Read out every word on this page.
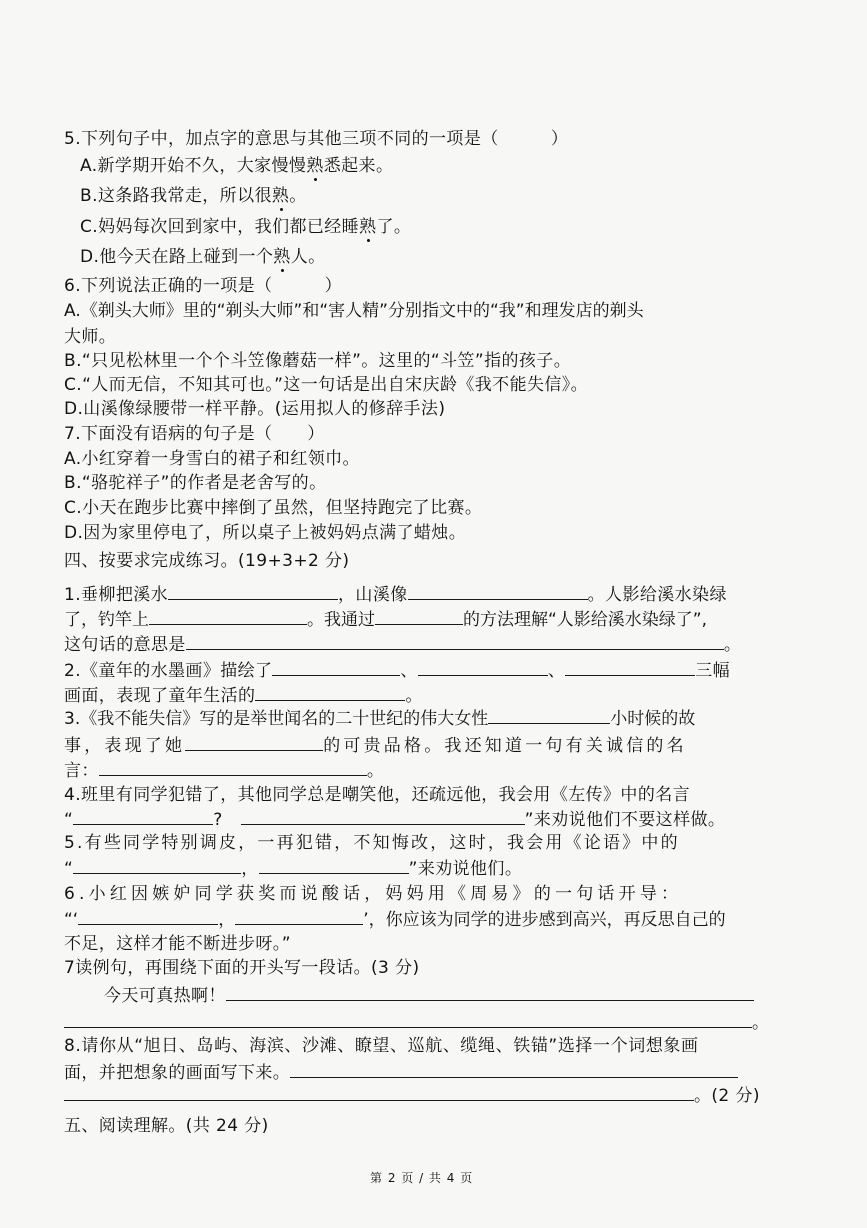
5.下列句子中，加点字的意思与其他三项不同的一项是（　　　）
A.新学期开始不久，大家慢慢熟悉起来。
B.这条路我常走，所以很熟。
C.妈妈每次回到家中，我们都已经睡熟了。
D.他今天在路上碰到一个熟人。
6.下列说法正确的一项是（　　　）
A.《剃头大师》里的“剃头大师”和“害人精”分别指文中的“我”和理发店的剃头
大师。
B.“只见松林里一个个斗笠像蘑菇一样”。这里的“斗笠”指的孩子。
C.“人而无信，不知其可也。”这一句话是出自宋庆龄《我不能失信》。
D.山溪像绿腰带一样平静。(运用拟人的修辞手法)
7.下面没有语病的句子是（　　）
A.小红穿着一身雪白的裙子和红领巾。
B.“骆驼祥子”的作者是老舍写的。
C.小天在跑步比赛中摔倒了虽然，但坚持跑完了比赛。
D.因为家里停电了，所以桌子上被妈妈点满了蜡烛。
四、按要求完成练习。(19+3+2 分)
1.垂柳把溪水	，山溪像	。人影给溪水染绿
了，钓竿上	。我通过	的方法理解“人影给溪水染绿了”,
这句话的意思是	。
2.《童年的水墨画》描绘了	、	、	三幅
画面，表现了童年生活的	。
3.《我不能失信》写的是举世闻名的二十世纪的伟大女性	小时候的故
事，表现了她	的可贵品格。我还知道一句有关诚信的名
言：	。
4.班里有同学犯错了，其他同学总是嘲笑他，还疏远他，我会用《左传》中的名言
“	?	”来劝说他们不要这样做。
5.有些同学特别调皮，一再犯错，不知悔改，这时，我会用《论语》中的
“	，	”来劝说他们。
6.小红因嫉妒同学获奖而说酸话，妈妈用《周易》的一句话开导：
“‘	，	’，你应该为同学的进步感到高兴，再反思自己的
不足，这样才能不断进步呀。”
7读例句，再围绕下面的开头写一段话。(3 分)
今天可真热啊！
。
8.请你从“旭日、岛屿、海滨、沙滩、瞭望、巡航、缆绳、铁锚”选择一个词想象画
面，并把想象的画面写下来。
。(2 分)
五、阅读理解。(共 24 分)
第 2 页 / 共 4 页
